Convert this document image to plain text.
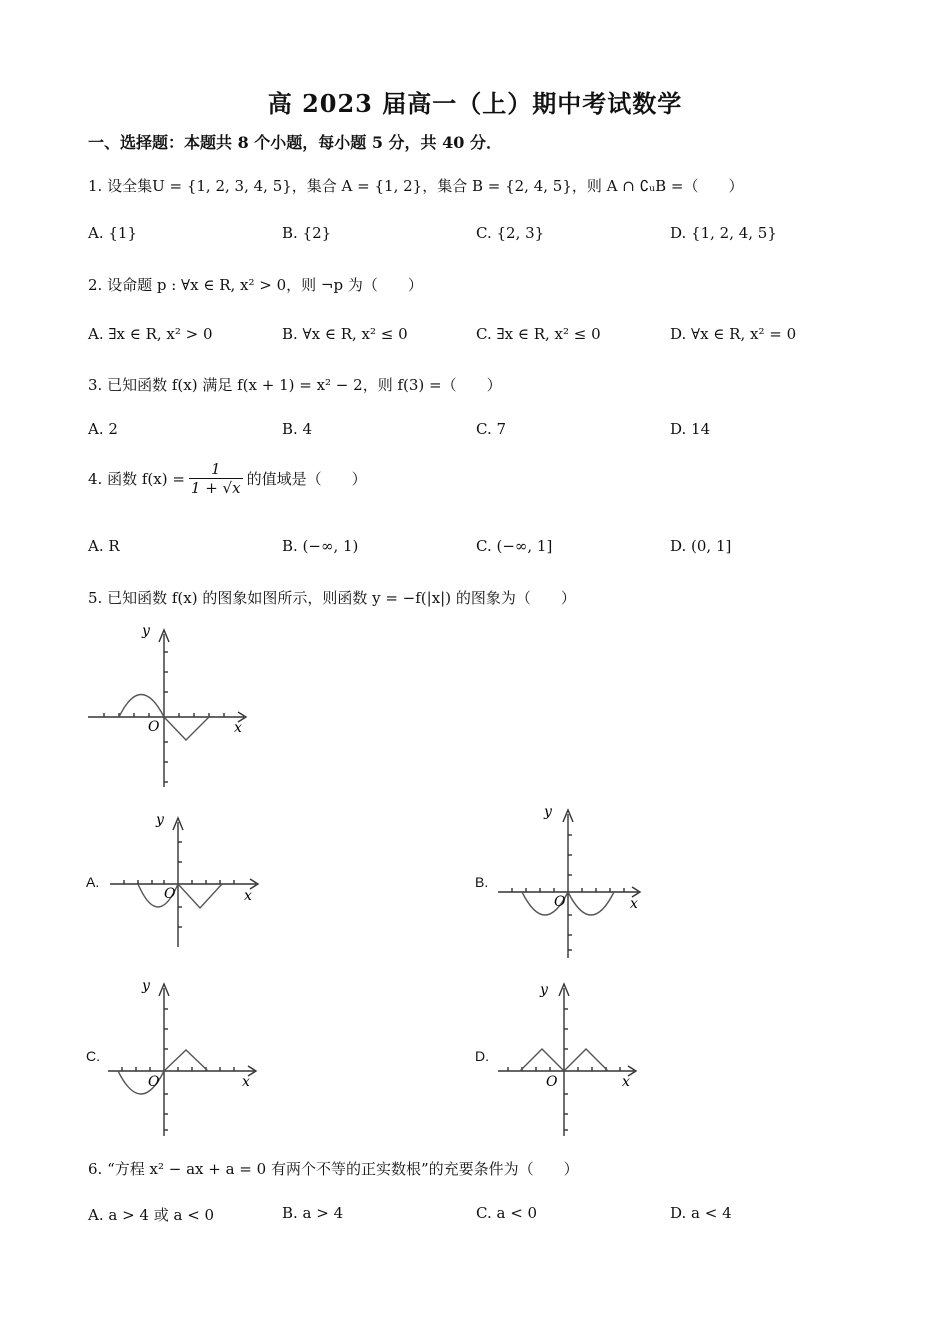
高 2023 届高一（上）期中考试数学
一、选择题：本题共 8 个小题，每小题 5 分，共 40 分．
1. 设全集U = {1, 2, 3, 4, 5}，集合 A = {1, 2}，集合 B = {2, 4, 5}，则 A ∩ ∁ᵤB =（　　）
A. {1}	B. {2}	C. {2, 3}	D. {1, 2, 4, 5}
2. 设命题 p : ∀x ∈ R, x² > 0，则 ¬p 为（　　）
A. ∃x ∈ R, x² > 0	B. ∀x ∈ R, x² ≤ 0	C. ∃x ∈ R, x² ≤ 0	D. ∀x ∈ R, x² = 0
3. 已知函数 f(x) 满足 f(x + 1) = x² − 2，则 f(3) =（　　）
A. 2	B. 4	C. 7	D. 14
4. 函数 $f(x) = \frac{1}{1 + √x}$ 的值域是（　　）
A. R	B. (−∞, 1)	C. (−∞, 1]	D. (0, 1]
5. 已知函数 f(x) 的图象如图所示，则函数 y = −f(|x|) 的图象为（　　）
y
x
O
A.
y
x
O
B.
y
x
O
C.
y
x
O
D.
y
x
O
6. “方程 x² − ax + a = 0 有两个不等的正实数根”的充要条件为（　　）
A. a > 4 或 a < 0	B. a > 4	C. a < 0	D. a < 4
